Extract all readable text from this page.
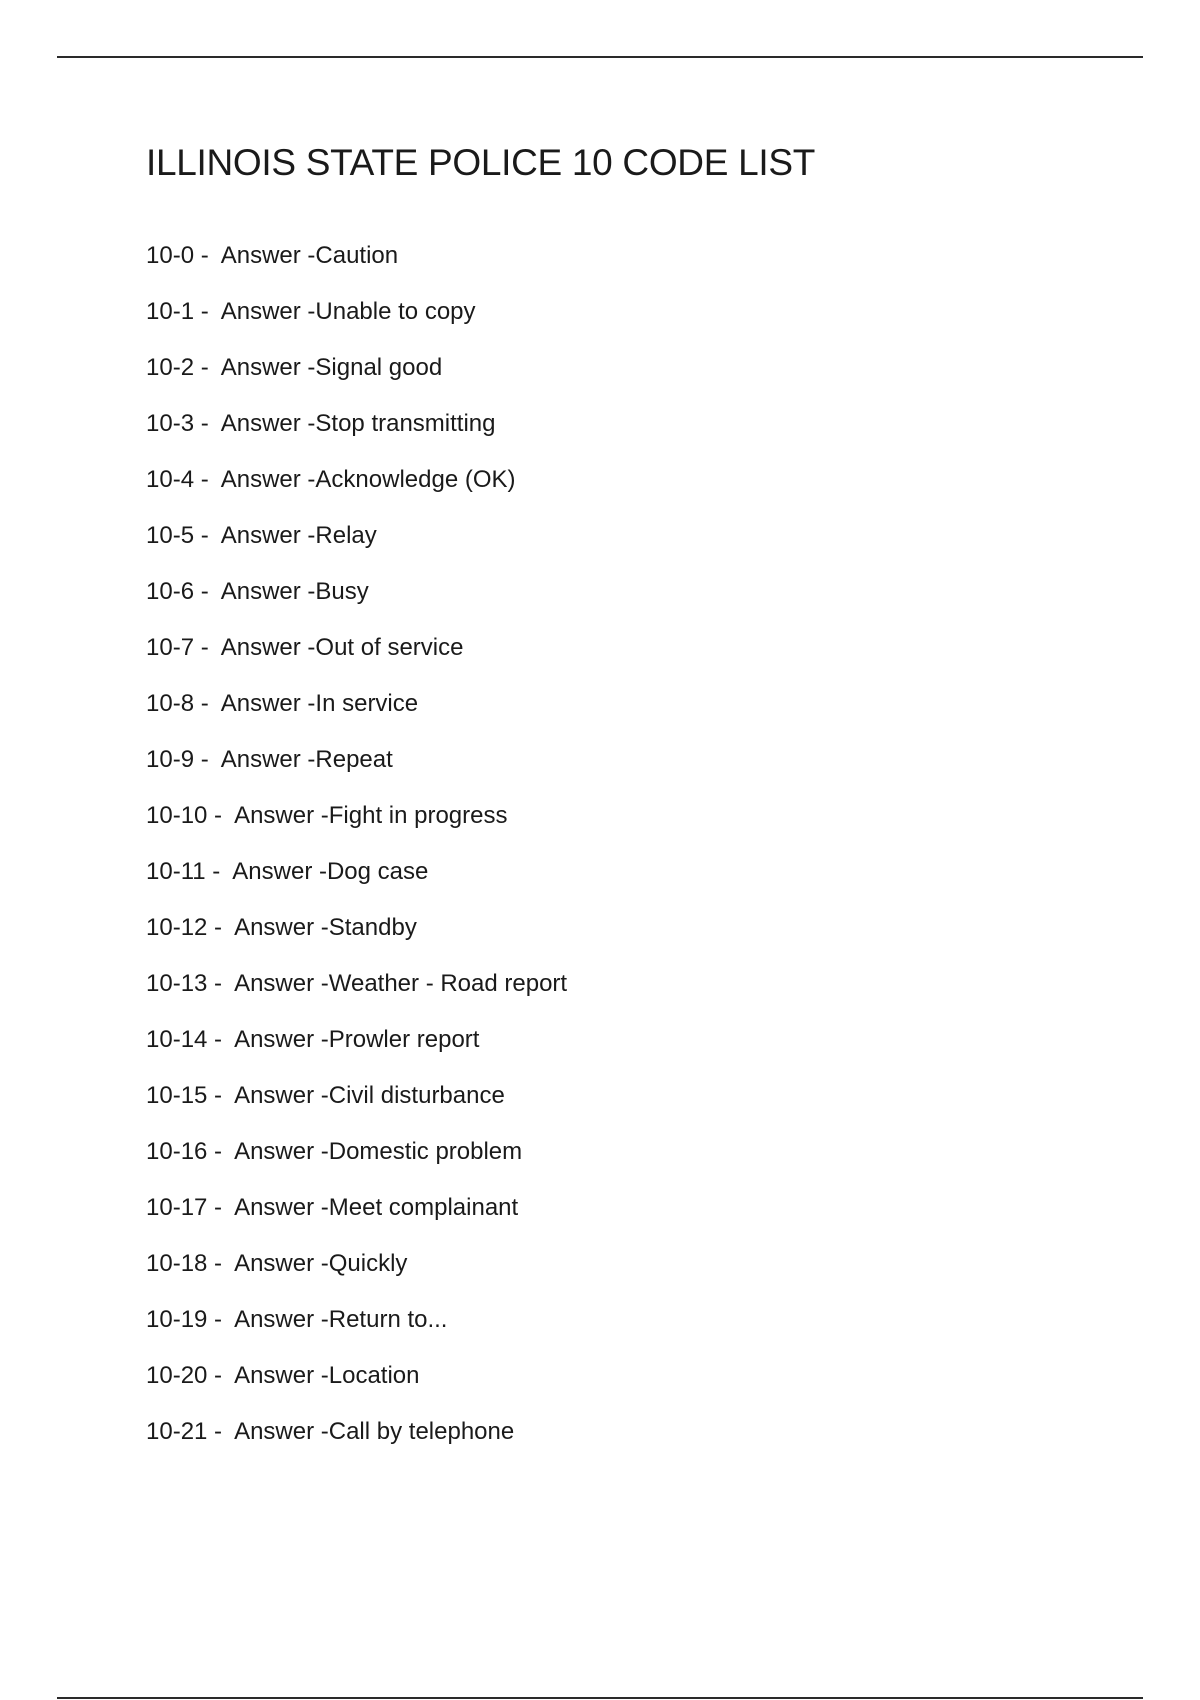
ILLINOIS STATE POLICE 10 CODE LIST
10-0 -  Answer -Caution
10-1 -  Answer -Unable to copy
10-2 -  Answer -Signal good
10-3 -  Answer -Stop transmitting
10-4 -  Answer -Acknowledge (OK)
10-5 -  Answer -Relay
10-6 -  Answer -Busy
10-7 -  Answer -Out of service
10-8 -  Answer -In service
10-9 -  Answer -Repeat
10-10 -  Answer -Fight in progress
10-11 -  Answer -Dog case
10-12 -  Answer -Standby
10-13 -  Answer -Weather - Road report
10-14 -  Answer -Prowler report
10-15 -  Answer -Civil disturbance
10-16 -  Answer -Domestic problem
10-17 -  Answer -Meet complainant
10-18 -  Answer -Quickly
10-19 -  Answer -Return to...
10-20 -  Answer -Location
10-21 -  Answer -Call by telephone
